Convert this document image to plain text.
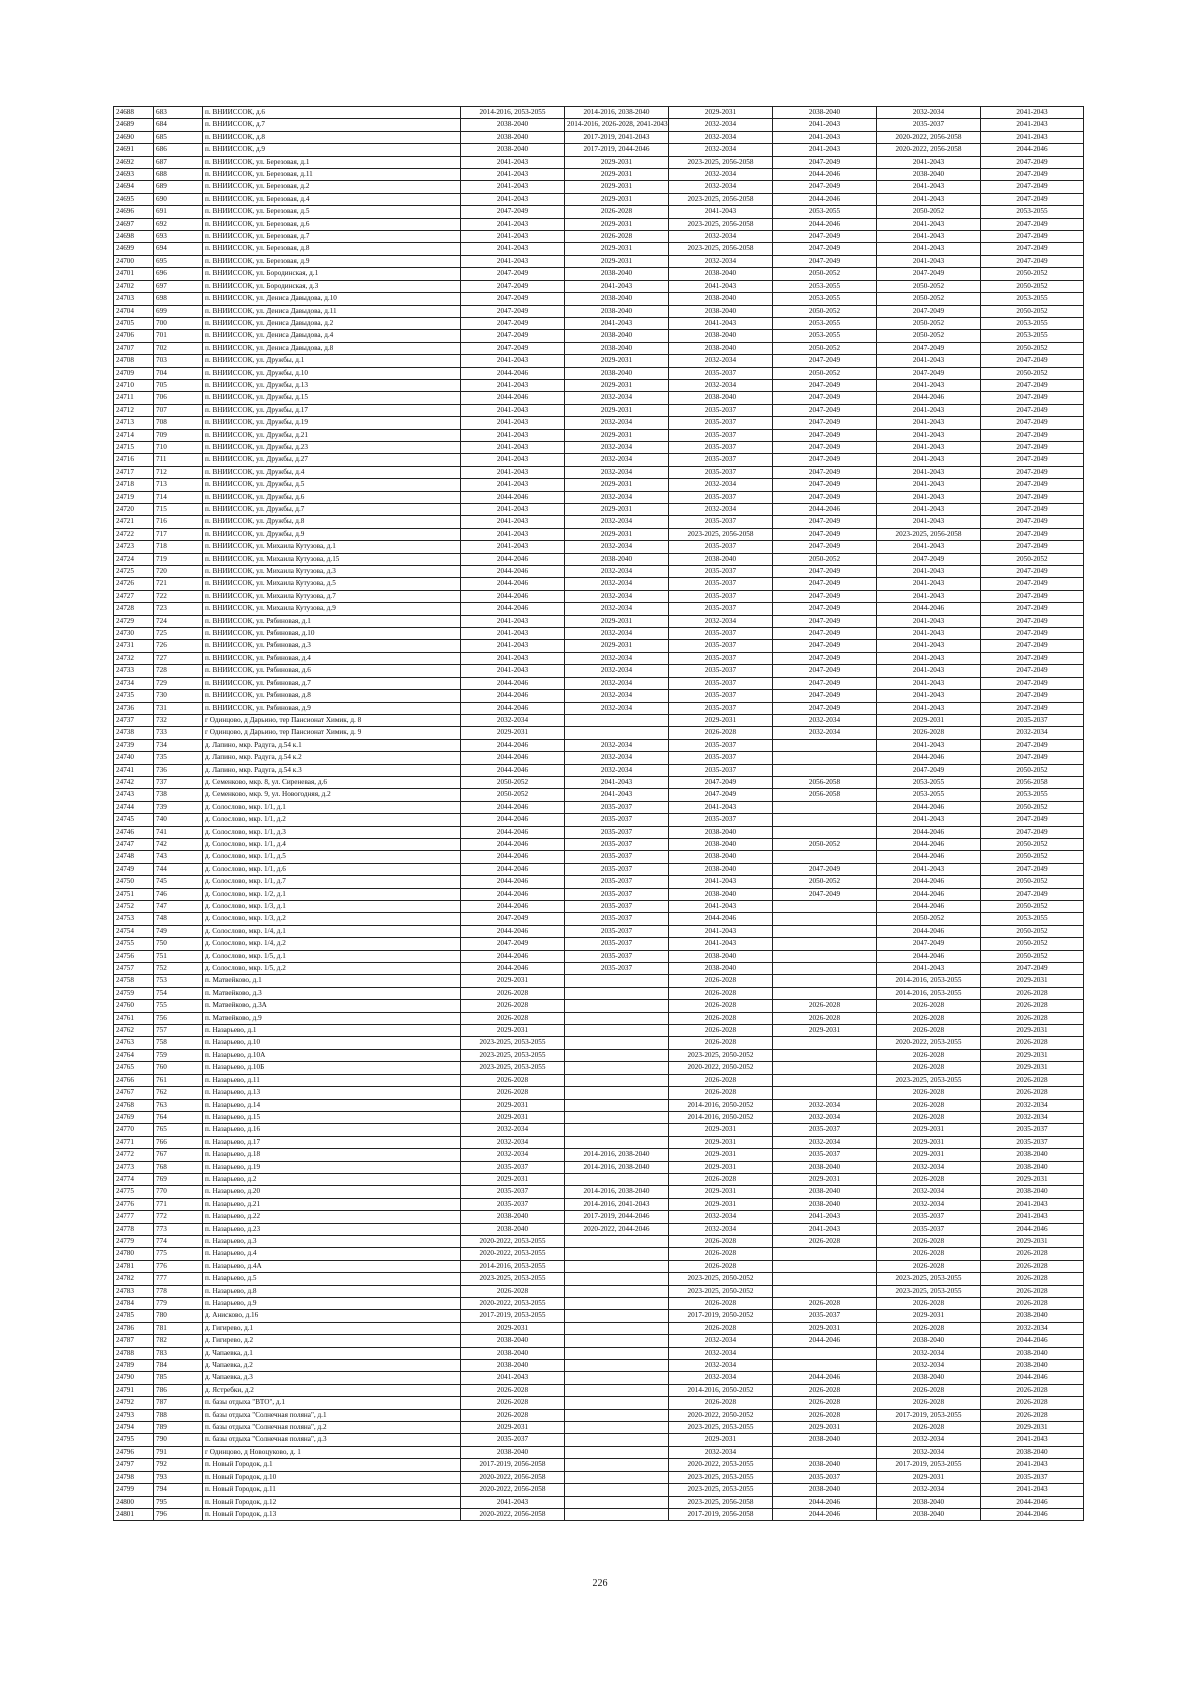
24688	683	п. ВНИИССОК, д.6	2014-2016, 2053-2055	2014-2016, 2038-2040	2029-2031	2038-2040	2032-2034	2041-2043
24689	684	п. ВНИИССОК, д.7	2038-2040	2014-2016, 2026-2028, 2041-2043	2032-2034	2041-2043	2035-2037	2041-2043
24690	685	п. ВНИИССОК, д.8	2038-2040	2017-2019, 2041-2043	2032-2034	2041-2043	2020-2022, 2056-2058	2041-2043
24691	686	п. ВНИИССОК, д.9	2038-2040	2017-2019, 2044-2046	2032-2034	2041-2043	2020-2022, 2056-2058	2044-2046
24692	687	п. ВНИИССОК, ул. Березовая, д.1	2041-2043	2029-2031	2023-2025, 2056-2058	2047-2049	2041-2043	2047-2049
24693	688	п. ВНИИССОК, ул. Березовая, д.11	2041-2043	2029-2031	2032-2034	2044-2046	2038-2040	2047-2049
24694	689	п. ВНИИССОК, ул. Березовая, д.2	2041-2043	2029-2031	2032-2034	2047-2049	2041-2043	2047-2049
24695	690	п. ВНИИССОК, ул. Березовая, д.4	2041-2043	2029-2031	2023-2025, 2056-2058	2044-2046	2041-2043	2047-2049
24696	691	п. ВНИИССОК, ул. Березовая, д.5	2047-2049	2026-2028	2041-2043	2053-2055	2050-2052	2053-2055
24697	692	п. ВНИИССОК, ул. Березовая, д.6	2041-2043	2029-2031	2023-2025, 2056-2058	2044-2046	2041-2043	2047-2049
24698	693	п. ВНИИССОК, ул. Березовая, д.7	2041-2043	2026-2028	2032-2034	2047-2049	2041-2043	2047-2049
24699	694	п. ВНИИССОК, ул. Березовая, д.8	2041-2043	2029-2031	2023-2025, 2056-2058	2047-2049	2041-2043	2047-2049
24700	695	п. ВНИИССОК, ул. Березовая, д.9	2041-2043	2029-2031	2032-2034	2047-2049	2041-2043	2047-2049
24701	696	п. ВНИИССОК, ул. Бородинская, д.1	2047-2049	2038-2040	2038-2040	2050-2052	2047-2049	2050-2052
24702	697	п. ВНИИССОК, ул. Бородинская, д.3	2047-2049	2041-2043	2041-2043	2053-2055	2050-2052	2050-2052
24703	698	п. ВНИИССОК, ул. Дениса Давыдова, д.10	2047-2049	2038-2040	2038-2040	2053-2055	2050-2052	2053-2055
24704	699	п. ВНИИССОК, ул. Дениса Давыдова, д.11	2047-2049	2038-2040	2038-2040	2050-2052	2047-2049	2050-2052
24705	700	п. ВНИИССОК, ул. Дениса Давыдова, д.2	2047-2049	2041-2043	2041-2043	2053-2055	2050-2052	2053-2055
24706	701	п. ВНИИССОК, ул. Дениса Давыдова, д.4	2047-2049	2038-2040	2038-2040	2053-2055	2050-2052	2053-2055
24707	702	п. ВНИИССОК, ул. Дениса Давыдова, д.8	2047-2049	2038-2040	2038-2040	2050-2052	2047-2049	2050-2052
24708	703	п. ВНИИССОК, ул. Дружбы, д.1	2041-2043	2029-2031	2032-2034	2047-2049	2041-2043	2047-2049
24709	704	п. ВНИИССОК, ул. Дружбы, д.10	2044-2046	2038-2040	2035-2037	2050-2052	2047-2049	2050-2052
24710	705	п. ВНИИССОК, ул. Дружбы, д.13	2041-2043	2029-2031	2032-2034	2047-2049	2041-2043	2047-2049
24711	706	п. ВНИИССОК, ул. Дружбы, д.15	2044-2046	2032-2034	2038-2040	2047-2049	2044-2046	2047-2049
24712	707	п. ВНИИССОК, ул. Дружбы, д.17	2041-2043	2029-2031	2035-2037	2047-2049	2041-2043	2047-2049
24713	708	п. ВНИИССОК, ул. Дружбы, д.19	2041-2043	2032-2034	2035-2037	2047-2049	2041-2043	2047-2049
24714	709	п. ВНИИССОК, ул. Дружбы, д.21	2041-2043	2029-2031	2035-2037	2047-2049	2041-2043	2047-2049
24715	710	п. ВНИИССОК, ул. Дружбы, д.23	2041-2043	2032-2034	2035-2037	2047-2049	2041-2043	2047-2049
24716	711	п. ВНИИССОК, ул. Дружбы, д.27	2041-2043	2032-2034	2035-2037	2047-2049	2041-2043	2047-2049
24717	712	п. ВНИИССОК, ул. Дружбы, д.4	2041-2043	2032-2034	2035-2037	2047-2049	2041-2043	2047-2049
24718	713	п. ВНИИССОК, ул. Дружбы, д.5	2041-2043	2029-2031	2032-2034	2047-2049	2041-2043	2047-2049
24719	714	п. ВНИИССОК, ул. Дружбы, д.6	2044-2046	2032-2034	2035-2037	2047-2049	2041-2043	2047-2049
24720	715	п. ВНИИССОК, ул. Дружбы, д.7	2041-2043	2029-2031	2032-2034	2044-2046	2041-2043	2047-2049
24721	716	п. ВНИИССОК, ул. Дружбы, д.8	2041-2043	2032-2034	2035-2037	2047-2049	2041-2043	2047-2049
24722	717	п. ВНИИССОК, ул. Дружбы, д.9	2041-2043	2029-2031	2023-2025, 2056-2058	2047-2049	2023-2025, 2056-2058	2047-2049
24723	718	п. ВНИИССОК, ул. Михаила Кутузова, д.1	2041-2043	2032-2034	2035-2037	2047-2049	2041-2043	2047-2049
24724	719	п. ВНИИССОК, ул. Михаила Кутузова, д.15	2044-2046	2038-2040	2038-2040	2050-2052	2047-2049	2050-2052
24725	720	п. ВНИИССОК, ул. Михаила Кутузова, д.3	2044-2046	2032-2034	2035-2037	2047-2049	2041-2043	2047-2049
24726	721	п. ВНИИССОК, ул. Михаила Кутузова, д.5	2044-2046	2032-2034	2035-2037	2047-2049	2041-2043	2047-2049
24727	722	п. ВНИИССОК, ул. Михаила Кутузова, д.7	2044-2046	2032-2034	2035-2037	2047-2049	2041-2043	2047-2049
24728	723	п. ВНИИССОК, ул. Михаила Кутузова, д.9	2044-2046	2032-2034	2035-2037	2047-2049	2044-2046	2047-2049
24729	724	п. ВНИИССОК, ул. Рябиновая, д.1	2041-2043	2029-2031	2032-2034	2047-2049	2041-2043	2047-2049
24730	725	п. ВНИИССОК, ул. Рябиновая, д.10	2041-2043	2032-2034	2035-2037	2047-2049	2041-2043	2047-2049
24731	726	п. ВНИИССОК, ул. Рябиновая, д.3	2041-2043	2029-2031	2035-2037	2047-2049	2041-2043	2047-2049
24732	727	п. ВНИИССОК, ул. Рябиновая, д.4	2041-2043	2032-2034	2035-2037	2047-2049	2041-2043	2047-2049
24733	728	п. ВНИИССОК, ул. Рябиновая, д.6	2041-2043	2032-2034	2035-2037	2047-2049	2041-2043	2047-2049
24734	729	п. ВНИИССОК, ул. Рябиновая, д.7	2044-2046	2032-2034	2035-2037	2047-2049	2041-2043	2047-2049
24735	730	п. ВНИИССОК, ул. Рябиновая, д.8	2044-2046	2032-2034	2035-2037	2047-2049	2041-2043	2047-2049
24736	731	п. ВНИИССОК, ул. Рябиновая, д.9	2044-2046	2032-2034	2035-2037	2047-2049	2041-2043	2047-2049
24737	732	г Одинцово, д Дарьино, тер Пансионат Химик, д. 8	2032-2034		2029-2031	2032-2034	2029-2031	2035-2037
24738	733	г Одинцово, д Дарьино, тер Пансионат Химик, д. 9	2029-2031		2026-2028	2032-2034	2026-2028	2032-2034
24739	734	д. Лапино, мкр. Радуга, д.54 к.1	2044-2046	2032-2034	2035-2037		2041-2043	2047-2049
24740	735	д. Лапино, мкр. Радуга, д.54 к.2	2044-2046	2032-2034	2035-2037		2044-2046	2047-2049
24741	736	д. Лапино, мкр. Радуга, д.54 к.3	2044-2046	2032-2034	2035-2037		2047-2049	2050-2052
24742	737	д. Семенково, мкр. 8, ул. Сиреневая, д.6	2050-2052	2041-2043	2047-2049	2056-2058	2053-2055	2056-2058
24743	738	д. Семенково, мкр. 9, ул. Новогодняя, д.2	2050-2052	2041-2043	2047-2049	2056-2058	2053-2055	2053-2055
24744	739	д. Солослово, мкр. 1/1, д.1	2044-2046	2035-2037	2041-2043		2044-2046	2050-2052
24745	740	д. Солослово, мкр. 1/1, д.2	2044-2046	2035-2037	2035-2037		2041-2043	2047-2049
24746	741	д. Солослово, мкр. 1/1, д.3	2044-2046	2035-2037	2038-2040		2044-2046	2047-2049
24747	742	д. Солослово, мкр. 1/1, д.4	2044-2046	2035-2037	2038-2040	2050-2052	2044-2046	2050-2052
24748	743	д. Солослово, мкр. 1/1, д.5	2044-2046	2035-2037	2038-2040		2044-2046	2050-2052
24749	744	д. Солослово, мкр. 1/1, д.6	2044-2046	2035-2037	2038-2040	2047-2049	2041-2043	2047-2049
24750	745	д. Солослово, мкр. 1/1, д.7	2044-2046	2035-2037	2041-2043	2050-2052	2044-2046	2050-2052
24751	746	д. Солослово, мкр. 1/2, д.1	2044-2046	2035-2037	2038-2040	2047-2049	2044-2046	2047-2049
24752	747	д. Солослово, мкр. 1/3, д.1	2044-2046	2035-2037	2041-2043		2044-2046	2050-2052
24753	748	д. Солослово, мкр. 1/3, д.2	2047-2049	2035-2037	2044-2046		2050-2052	2053-2055
24754	749	д. Солослово, мкр. 1/4, д.1	2044-2046	2035-2037	2041-2043		2044-2046	2050-2052
24755	750	д. Солослово, мкр. 1/4, д.2	2047-2049	2035-2037	2041-2043		2047-2049	2050-2052
24756	751	д. Солослово, мкр. 1/5, д.1	2044-2046	2035-2037	2038-2040		2044-2046	2050-2052
24757	752	д. Солослово, мкр. 1/5, д.2	2044-2046	2035-2037	2038-2040		2041-2043	2047-2049
24758	753	п. Матвейково, д.1	2029-2031		2026-2028		2014-2016, 2053-2055	2029-2031
24759	754	п. Матвейково, д.3	2026-2028		2026-2028		2014-2016, 2053-2055	2026-2028
24760	755	п. Матвейково, д.3А	2026-2028		2026-2028	2026-2028	2026-2028	2026-2028
24761	756	п. Матвейково, д.9	2026-2028		2026-2028	2026-2028	2026-2028	2026-2028
24762	757	п. Назарьево, д.1	2029-2031		2026-2028	2029-2031	2026-2028	2029-2031
24763	758	п. Назарьево, д.10	2023-2025, 2053-2055		2026-2028		2020-2022, 2053-2055	2026-2028
24764	759	п. Назарьево, д.10А	2023-2025, 2053-2055		2023-2025, 2050-2052		2026-2028	2029-2031
24765	760	п. Назарьево, д.10Б	2023-2025, 2053-2055		2020-2022, 2050-2052		2026-2028	2029-2031
24766	761	п. Назарьево, д.11	2026-2028		2026-2028		2023-2025, 2053-2055	2026-2028
24767	762	п. Назарьево, д.13	2026-2028		2026-2028		2026-2028	2026-2028
24768	763	п. Назарьево, д.14	2029-2031		2014-2016, 2050-2052	2032-2034	2026-2028	2032-2034
24769	764	п. Назарьево, д.15	2029-2031		2014-2016, 2050-2052	2032-2034	2026-2028	2032-2034
24770	765	п. Назарьево, д.16	2032-2034		2029-2031	2035-2037	2029-2031	2035-2037
24771	766	п. Назарьево, д.17	2032-2034		2029-2031	2032-2034	2029-2031	2035-2037
24772	767	п. Назарьево, д.18	2032-2034	2014-2016, 2038-2040	2029-2031	2035-2037	2029-2031	2038-2040
24773	768	п. Назарьево, д.19	2035-2037	2014-2016, 2038-2040	2029-2031	2038-2040	2032-2034	2038-2040
24774	769	п. Назарьево, д.2	2029-2031		2026-2028	2029-2031	2026-2028	2029-2031
24775	770	п. Назарьево, д.20	2035-2037	2014-2016, 2038-2040	2029-2031	2038-2040	2032-2034	2038-2040
24776	771	п. Назарьево, д.21	2035-2037	2014-2016, 2041-2043	2029-2031	2038-2040	2032-2034	2041-2043
24777	772	п. Назарьево, д.22	2038-2040	2017-2019, 2044-2046	2032-2034	2041-2043	2035-2037	2041-2043
24778	773	п. Назарьево, д.23	2038-2040	2020-2022, 2044-2046	2032-2034	2041-2043	2035-2037	2044-2046
24779	774	п. Назарьево, д.3	2020-2022, 2053-2055		2026-2028	2026-2028	2026-2028	2029-2031
24780	775	п. Назарьево, д.4	2020-2022, 2053-2055		2026-2028		2026-2028	2026-2028
24781	776	п. Назарьево, д.4А	2014-2016, 2053-2055		2026-2028		2026-2028	2026-2028
24782	777	п. Назарьево, д.5	2023-2025, 2053-2055		2023-2025, 2050-2052		2023-2025, 2053-2055	2026-2028
24783	778	п. Назарьево, д.8	2026-2028		2023-2025, 2050-2052		2023-2025, 2053-2055	2026-2028
24784	779	п. Назарьево, д.9	2020-2022, 2053-2055		2026-2028	2026-2028	2026-2028	2026-2028
24785	780	д. Анисково, д.16	2017-2019, 2053-2055		2017-2019, 2050-2052	2035-2037	2029-2031	2038-2040
24786	781	д. Гигирево, д.1	2029-2031		2026-2028	2029-2031	2026-2028	2032-2034
24787	782	д. Гигирево, д.2	2038-2040		2032-2034	2044-2046	2038-2040	2044-2046
24788	783	д. Чапаевка, д.1	2038-2040		2032-2034		2032-2034	2038-2040
24789	784	д. Чапаевка, д.2	2038-2040		2032-2034		2032-2034	2038-2040
24790	785	д. Чапаевка, д.3	2041-2043		2032-2034	2044-2046	2038-2040	2044-2046
24791	786	д. Ястребки, д.2	2026-2028		2014-2016, 2050-2052	2026-2028	2026-2028	2026-2028
24792	787	п. базы отдыха "ВТО", д.1	2026-2028		2026-2028	2026-2028	2026-2028	2026-2028
24793	788	п. базы отдыха "Солнечная поляна", д.1	2026-2028		2020-2022, 2050-2052	2026-2028	2017-2019, 2053-2055	2026-2028
24794	789	п. базы отдыха "Солнечная поляна", д.2	2029-2031		2023-2025, 2053-2055	2029-2031	2026-2028	2029-2031
24795	790	п. базы отдыха "Солнечная поляна", д.3	2035-2037		2029-2031	2038-2040	2032-2034	2041-2043
24796	791	г Одинцово, д Новоцуково, д. 1	2038-2040		2032-2034		2032-2034	2038-2040
24797	792	п. Новый Городок, д.1	2017-2019, 2056-2058		2020-2022, 2053-2055	2038-2040	2017-2019, 2053-2055	2041-2043
24798	793	п. Новый Городок, д.10	2020-2022, 2056-2058		2023-2025, 2053-2055	2035-2037	2029-2031	2035-2037
24799	794	п. Новый Городок, д.11	2020-2022, 2056-2058		2023-2025, 2053-2055	2038-2040	2032-2034	2041-2043
24800	795	п. Новый Городок, д.12	2041-2043		2023-2025, 2056-2058	2044-2046	2038-2040	2044-2046
24801	796	п. Новый Городок, д.13	2020-2022, 2056-2058		2017-2019, 2056-2058	2044-2046	2038-2040	2044-2046
226
